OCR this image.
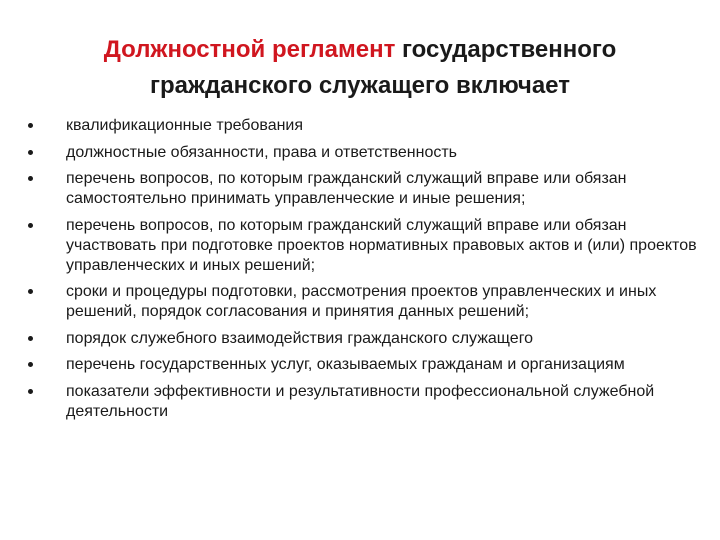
Должностной регламент государственного гражданского служащего включает
квалификационные требования
должностные обязанности, права и ответственность
перечень вопросов, по которым гражданский служащий вправе или обязан самостоятельно принимать управленческие и иные решения;
перечень вопросов, по которым гражданский служащий вправе или обязан участвовать при подготовке проектов нормативных правовых актов и (или) проектов управленческих и иных решений;
сроки и процедуры подготовки, рассмотрения проектов управленческих и иных решений, порядок согласования и принятия данных решений;
порядок служебного взаимодействия гражданского служащего
перечень государственных услуг, оказываемых гражданам и организациям
показатели эффективности и результативности профессиональной служебной деятельности
